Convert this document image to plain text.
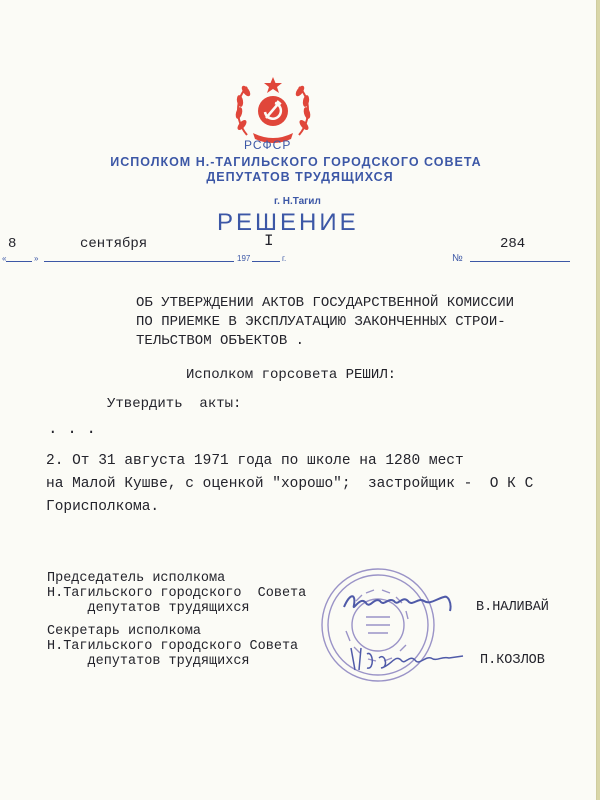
РСФСР
ИСПОЛКОМ Н.-ТАГИЛЬСКОГО ГОРОДСКОГО СОВЕТА
ДЕПУТАТОВ ТРУДЯЩИХСЯ
г. Н.Тагил
РЕШЕНИЕ
«
8
»
сентября
197
I
г.	№
284
ОБ УТВЕРЖДЕНИИ АКТОВ ГОСУДАРСТВЕННОЙ КОМИССИИ
ПО ПРИЕМКЕ В ЭКСПЛУАТАЦИЮ ЗАКОНЧЕННЫХ СТРОИ-
ТЕЛЬСТВОМ ОБЪЕКТОВ .
Исполком горсовета РЕШИЛ:
Утвердить  акты:
. . .
2. От 31 августа 1971 года по школе на 1280 мест
на Малой Кушве, с оценкой "хорошо";  застройщик -  О К С
Горисполкома.
Председатель исполкома
Н.Тагильского городского  Совета
депутатов трудящихся	В.НАЛИВАЙ
Секретарь исполкома
Н.Тагильского городского Совета
депутатов трудящихся	П.КОЗЛОВ
